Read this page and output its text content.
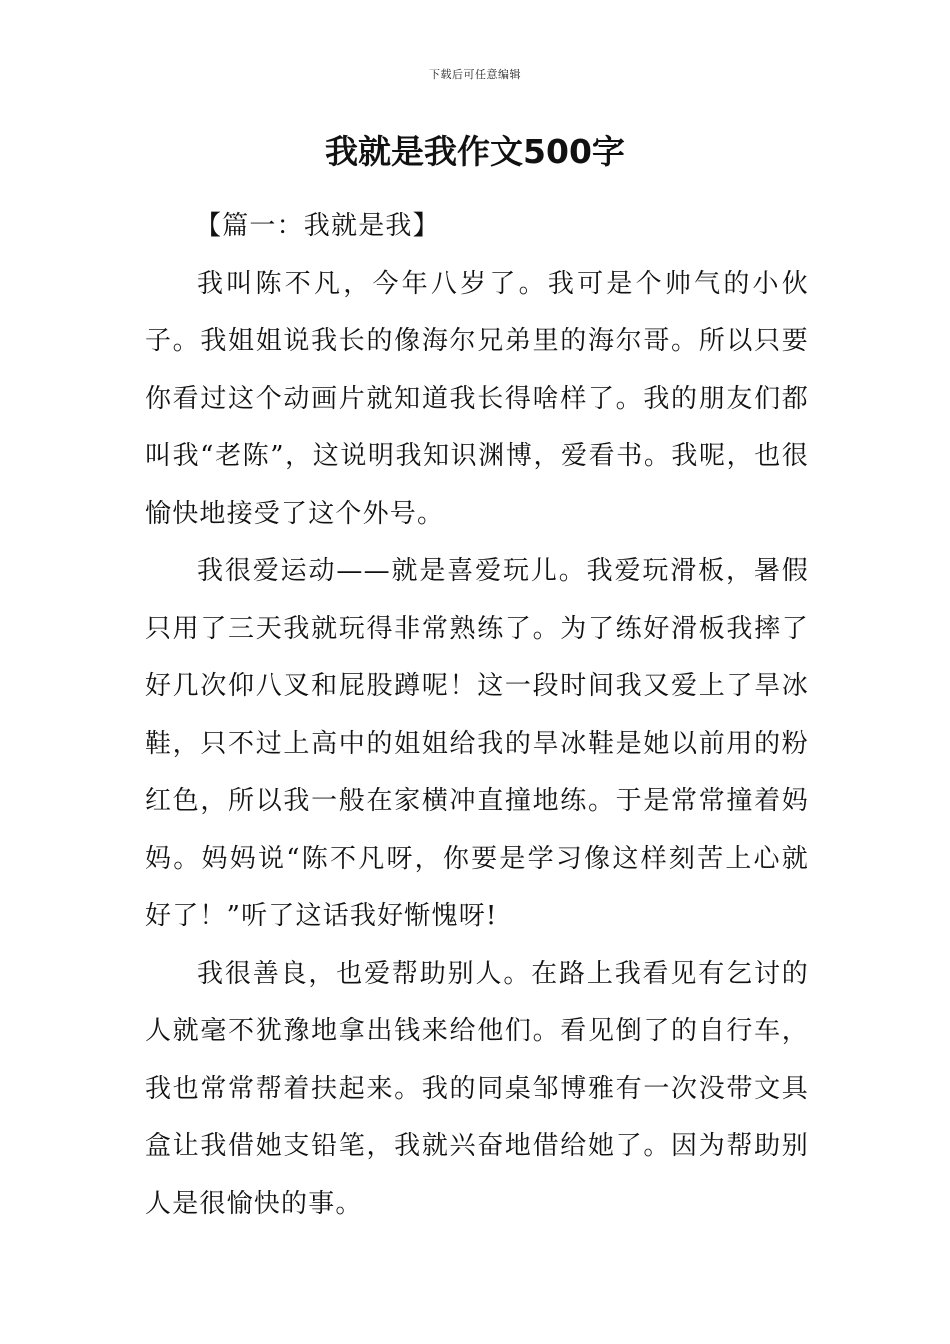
下载后可任意编辑
我就是我作文500字
【篇一：我就是我】

我叫陈不凡，今年八岁了。我可是个帅气的小伙子。我姐姐说我长的像海尔兄弟里的海尔哥。所以只要你看过这个动画片就知道我长得啥样了。我的朋友们都叫我“老陈”，这说明我知识渊博，爱看书。我呢，也很愉快地接受了这个外号。

我很爱运动——就是喜爱玩儿。我爱玩滑板，暑假只用了三天我就玩得非常熟练了。为了练好滑板我摔了好几次仰八叉和屁股蹲呢！这一段时间我又爱上了旱冰鞋，只不过上高中的姐姐给我的旱冰鞋是她以前用的粉红色，所以我一般在家横冲直撞地练。于是常常撞着妈妈。妈妈说“陈不凡呀，你要是学习像这样刻苦上心就好了！”听了这话我好惭愧呀!

我很善良，也爱帮助别人。在路上我看见有乞讨的人就毫不犹豫地拿出钱来给他们。看见倒了的自行车，我也常常帮着扶起来。我的同桌邹博雅有一次没带文具盒让我借她支铅笔，我就兴奋地借给她了。因为帮助别人是很愉快的事。
